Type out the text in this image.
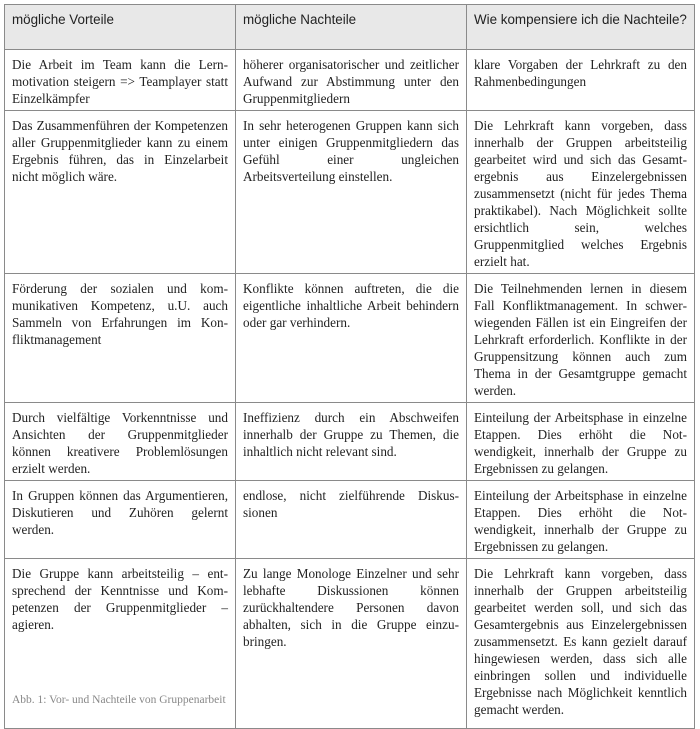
mögliche Vorteile	mögliche Nachteile	Wie kompensiere ich die Nachteile?
Die Arbeit im Team kann die Lernmotivation steigern => Teamplayer statt Einzelkämpfer	höherer organisatorischer und zeitlicher Aufwand zur Abstimmung unter den Gruppenmitgliedern	klare Vorgaben der Lehrkraft zu den Rahmenbedingungen
Das Zusammenführen der Kompetenzen aller Gruppenmitglieder kann zu einem Ergebnis führen, das in Einzelarbeit nicht möglich wäre.	In sehr heterogenen Gruppen kann sich unter einigen Gruppenmitgliedern das Gefühl einer ungleichen Arbeitsverteilung einstellen.	Die Lehrkraft kann vorgeben, dass innerhalb der Gruppen arbeitsteilig gearbeitet wird und sich das Gesamtergebnis aus Einzelergebnissen zusammensetzt (nicht für jedes Thema praktikabel). Nach Möglichkeit sollte ersichtlich sein, welches Gruppenmitglied welches Ergebnis erzielt hat.
Förderung der sozialen und kommunikativen Kompetenz, u.U. auch Sammeln von Erfahrungen im Konfliktmanagement	Konflikte können auftreten, die die eigentliche inhaltliche Arbeit behindern oder gar verhindern.	Die Teilnehmenden lernen in diesem Fall Konfliktmanagement. In schwerwiegenden Fällen ist ein Eingreifen der Lehrkraft erforderlich. Konflikte in der Gruppensitzung können auch zum Thema in der Gesamtgruppe gemacht werden.
Durch vielfältige Vorkenntnisse und Ansichten der Gruppenmitglieder können kreativere Problemlösungen erzielt werden.	Ineffizienz durch ein Abschweifen innerhalb der Gruppe zu Themen, die inhaltlich nicht relevant sind.	Einteilung der Arbeitsphase in einzelne Etappen. Dies erhöht die Notwendigkeit, innerhalb der Gruppe zu Ergebnissen zu gelangen.
In Gruppen können das Argumentieren, Diskutieren und Zuhören gelernt werden.	endlose, nicht zielführende Diskussionen	Einteilung der Arbeitsphase in einzelne Etappen. Dies erhöht die Notwendigkeit, innerhalb der Gruppe zu Ergebnissen zu gelangen.
Die Gruppe kann arbeitsteilig – entsprechend der Kenntnisse und Kompetenzen der Gruppenmitglieder – agieren.	Zu lange Monologe Einzelner und sehr lebhafte Diskussionen können zurückhaltendere Personen davon abhalten, sich in die Gruppe einzubringen.	Die Lehrkraft kann vorgeben, dass innerhalb der Gruppen arbeitsteilig gearbeitet werden soll, und sich das Gesamtergebnis aus Einzelergebnissen zusammensetzt. Es kann gezielt darauf hingewiesen werden, dass sich alle einbringen sollen und individuelle Ergebnisse nach Möglichkeit kenntlich gemacht werden.
Abb. 1: Vor- und Nachteile von Gruppenarbeit
